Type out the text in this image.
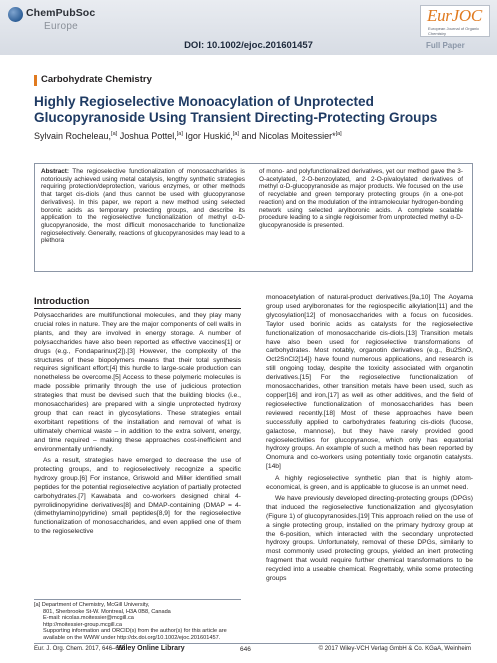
ChemPubSoc
Europe
DOI: 10.1002/ejoc.201601457
EurJOC
European Journal of Organic Chemistry
Full Paper
Carbohydrate Chemistry
Highly Regioselective Monoacylation of Unprotected Glucopyranoside Using Transient Directing-Protecting Groups
Sylvain Rocheleau,[a] Joshua Pottel,[a] Igor Huskić,[a] and Nicolas Moitessier*[a]
Abstract: The regioselective functionalization of monosaccharides is notoriously achieved using metal catalysis, lengthy synthetic strategies requiring protection/deprotection, various enzymes, or other methods that target cis-diols (and thus cannot be used with glucopyranose derivatives). In this paper, we report a new method using selected boronic acids as temporary protecting groups, and describe its application to the regioselective functionalization of methyl α-D-glucopyranoside, the most difficult monosaccharide to functionalize regioselectively. Generally, reactions of glucopyranosides may lead to a plethora
of mono- and polyfunctionalized derivatives, yet our method gave the 3-O-acetylated, 2-O-benzoylated, and 2-O-pivaloylated derivatives of methyl α-D-glucopyranoside as major products. We focused on the use of recyclable and green temporary protecting groups (in a one-pot reaction) and on the modulation of the intramolecular hydrogen-bonding network using selected arylboronic acids. A complete scalable procedure leading to a single regioisomer from unprotected methyl α-D-glucopyranoside is presented.
Introduction

Polysaccharides are multifunctional molecules, and they play many crucial roles in nature. They are the major components of cell walls in plants, and they are involved in energy storage. A number of polysaccharides have also been reported as effective vaccines[1] or drugs (e.g., Fondaparinux[2]).[3] However, the complexity of the structures of these biopolymers means that their total synthesis requires significant effort;[4] this hurdle to large-scale production can nonetheless be overcome.[5] Access to these polymeric molecules is made possible primarily through the use of judicious protection strategies that must be devised such that the building blocks (i.e., monosaccharides) are prepared with a single unprotected hydroxy group that can react in glycosylations. These strategies entail exorbitant repetitions of the installation and removal of what is ultimately chemical waste – in addition to the extra solvent, energy, and time required – making these approaches cost-inefficient and environmentally unfriendly.

As a result, strategies have emerged to decrease the use of protecting groups, and to regioselectively recognize a specific hydroxy group.[6] For instance, Griswold and Miller identified small peptides for the potential regioselective acylation of partially protected carbohydrates.[7] Kawabata and co-workers designed chiral 4-pyrrolidinopyridine derivatives[8] and DMAP-containing (DMAP = 4-(dimethylamino)pyridine) small peptides[8,9] for the regioselective functionalization of monosaccharides, and even applied one of them to the regioselective

monoacetylation of natural-product derivatives.[9a,10] The Aoyama group used arylboronates for the regiospecific alkylation[11] and the glycosylation[12] of monosaccharides with a focus on fucosides. Taylor used borinic acids as catalysts for the regioselective functionalization of monosaccharide cis-diols.[13] Transition metals have also been used for regioselective transformations of carbohydrates. Most notably, organotin derivatives (e.g., Bu2SnO, Oct2SnCl2[14]) have found numerous applications, and research is still ongoing today, despite the toxicity associated with organotin derivatives.[15] For the regioselective functionalization of monosaccharides, other transition metals have been used, such as copper[16] and iron,[17] as well as other additives, and the field of regioselective functionalization of monosaccharides has been reviewed recently.[18] Most of these approaches have been successfully applied to carbohydrates featuring cis-diols (fucose, galactose, mannose), but they have rarely provided good regioselectivities for glucopyranose, which only has equatorial hydroxy groups. An example of such a method has been reported by Onomura and co-workers using potentially toxic organotin catalysts.[14b]

A highly regioselective synthetic plan that is highly atom-economical, is green, and is applicable to glucose is an unmet need.

We have previously developed directing-protecting groups (DPGs) that induced the regioselective functionalization and glycosylation (Figure 1) of glucopyranosides.[19] This approach relied on the use of a single protecting group, installed on the primary hydroxy group at the 6-position, which interacted with the secondary unprotected hydroxy groups. Unfortunately, removal of these DPGs, similarly to most commonly used protecting groups, yielded an inert protecting fragment that would require further chemical transformations to be recycled into a useable chemical. Regrettably, while some protecting groups

[a] Department of Chemistry, McGill University,
801, Sherbrooke St-W. Montreal, H3A 0B8, Canada
E-mail: nicolas.moitessier@mcgill.ca
http://moitessier-group.mcgill.ca
Supporting information and ORCID(s) from the author(s) for this article are
available on the WWW under http://dx.doi.org/10.1002/ejoc.201601457.
Eur. J. Org. Chem. 2017, 646–656
Wiley Online Library	646	© 2017 Wiley-VCH Verlag GmbH & Co. KGaA, Weinheim
